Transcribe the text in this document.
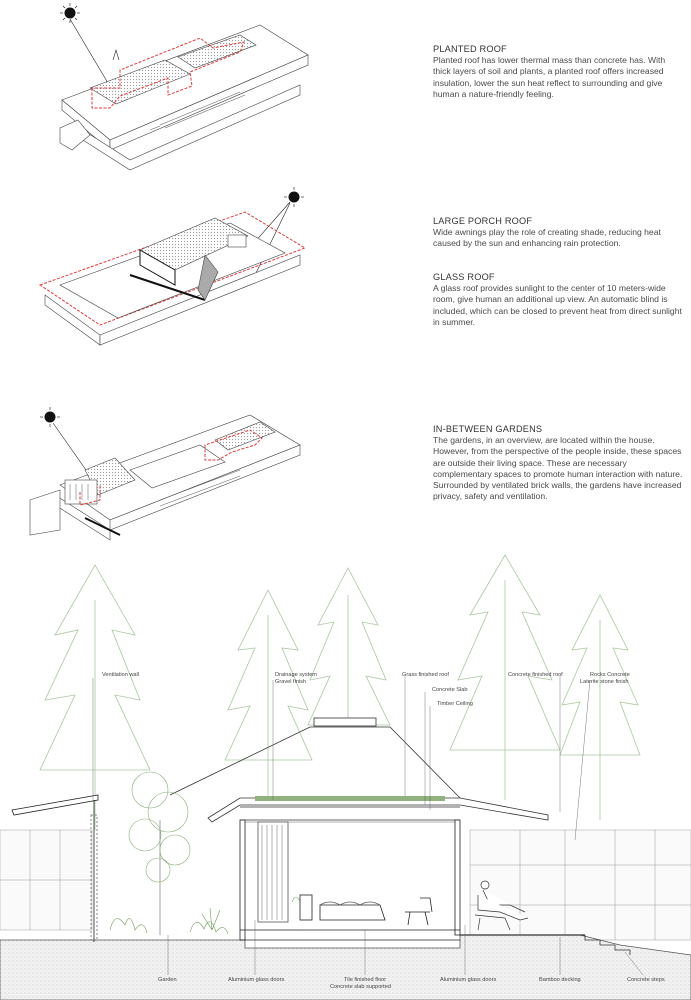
PLANTED ROOF

Planted roof has lower thermal mass than concrete has. With thick layers of soil and plants, a planted roof offers increased insulation, lower the sun heat reflect to surrounding and give human a nature-friendly feeling.

LARGE PORCH ROOF

Wide awnings play the role of creating shade, reducing heat caused by the sun and enhancing rain protection.

GLASS ROOF

A glass roof provides sunlight to the center of 10 meters-wide room, give human an additional up view. An automatic blind is included, which can be closed to prevent heat from direct sunlight in summer.

IN-BETWEEN GARDENS

The gardens, in an overview, are located within the house. However, from the perspective of the people inside, these spaces are outside their living space. These are necessary complementary spaces to promote human interaction with nature. Surrounded by ventilated brick walls, the gardens have increased privacy, safety and ventilation.

Ventilation wall	Drainage system
Gravel finish
Grass finished roof
Concrete Slab
Timber Ceiling
Concrete finished roof	Rocks Concrete
Laterite stone finish
Garden	Aluminium glass doors	Tile finished floor
Concrete slab supported
Aluminium glass doors	Bamboo decking	Concrete steps
